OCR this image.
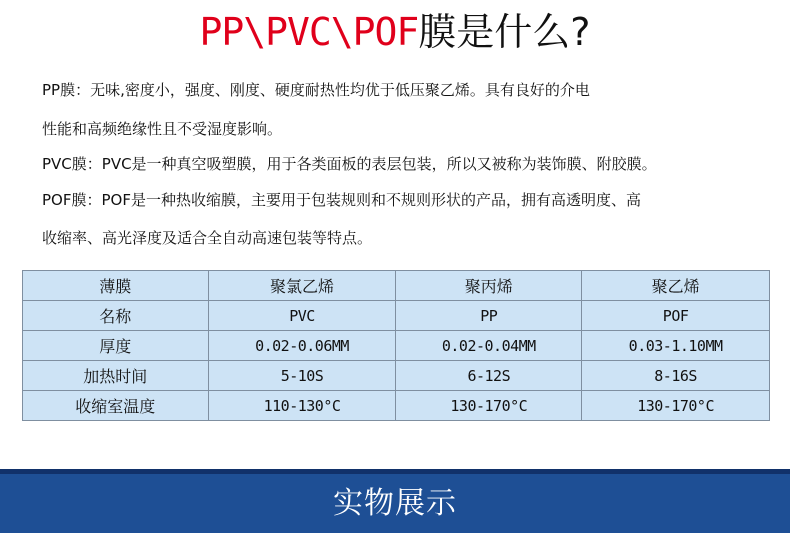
PP\PVC\POF膜是什么?
PP膜：无味,密度小，强度、刚度、硬度耐热性均优于低压聚乙烯。具有良好的介电
性能和高频绝缘性且不受湿度影响。
PVC膜：PVC是一种真空吸塑膜，用于各类面板的表层包装，所以又被称为装饰膜、附胶膜。
POF膜：POF是一种热收缩膜，主要用于包装规则和不规则形状的产品，拥有高透明度、高
收缩率、高光泽度及适合全自动高速包装等特点。
薄膜	聚氯乙烯	聚丙烯	聚乙烯
名称	PVC	PP	POF
厚度	0.02-0.06MM	0.02-0.04MM	0.03-1.10MM
加热时间	5-10S	6-12S	8-16S
收缩室温度	110-130°C	130-170°C	130-170°C
实物展示
